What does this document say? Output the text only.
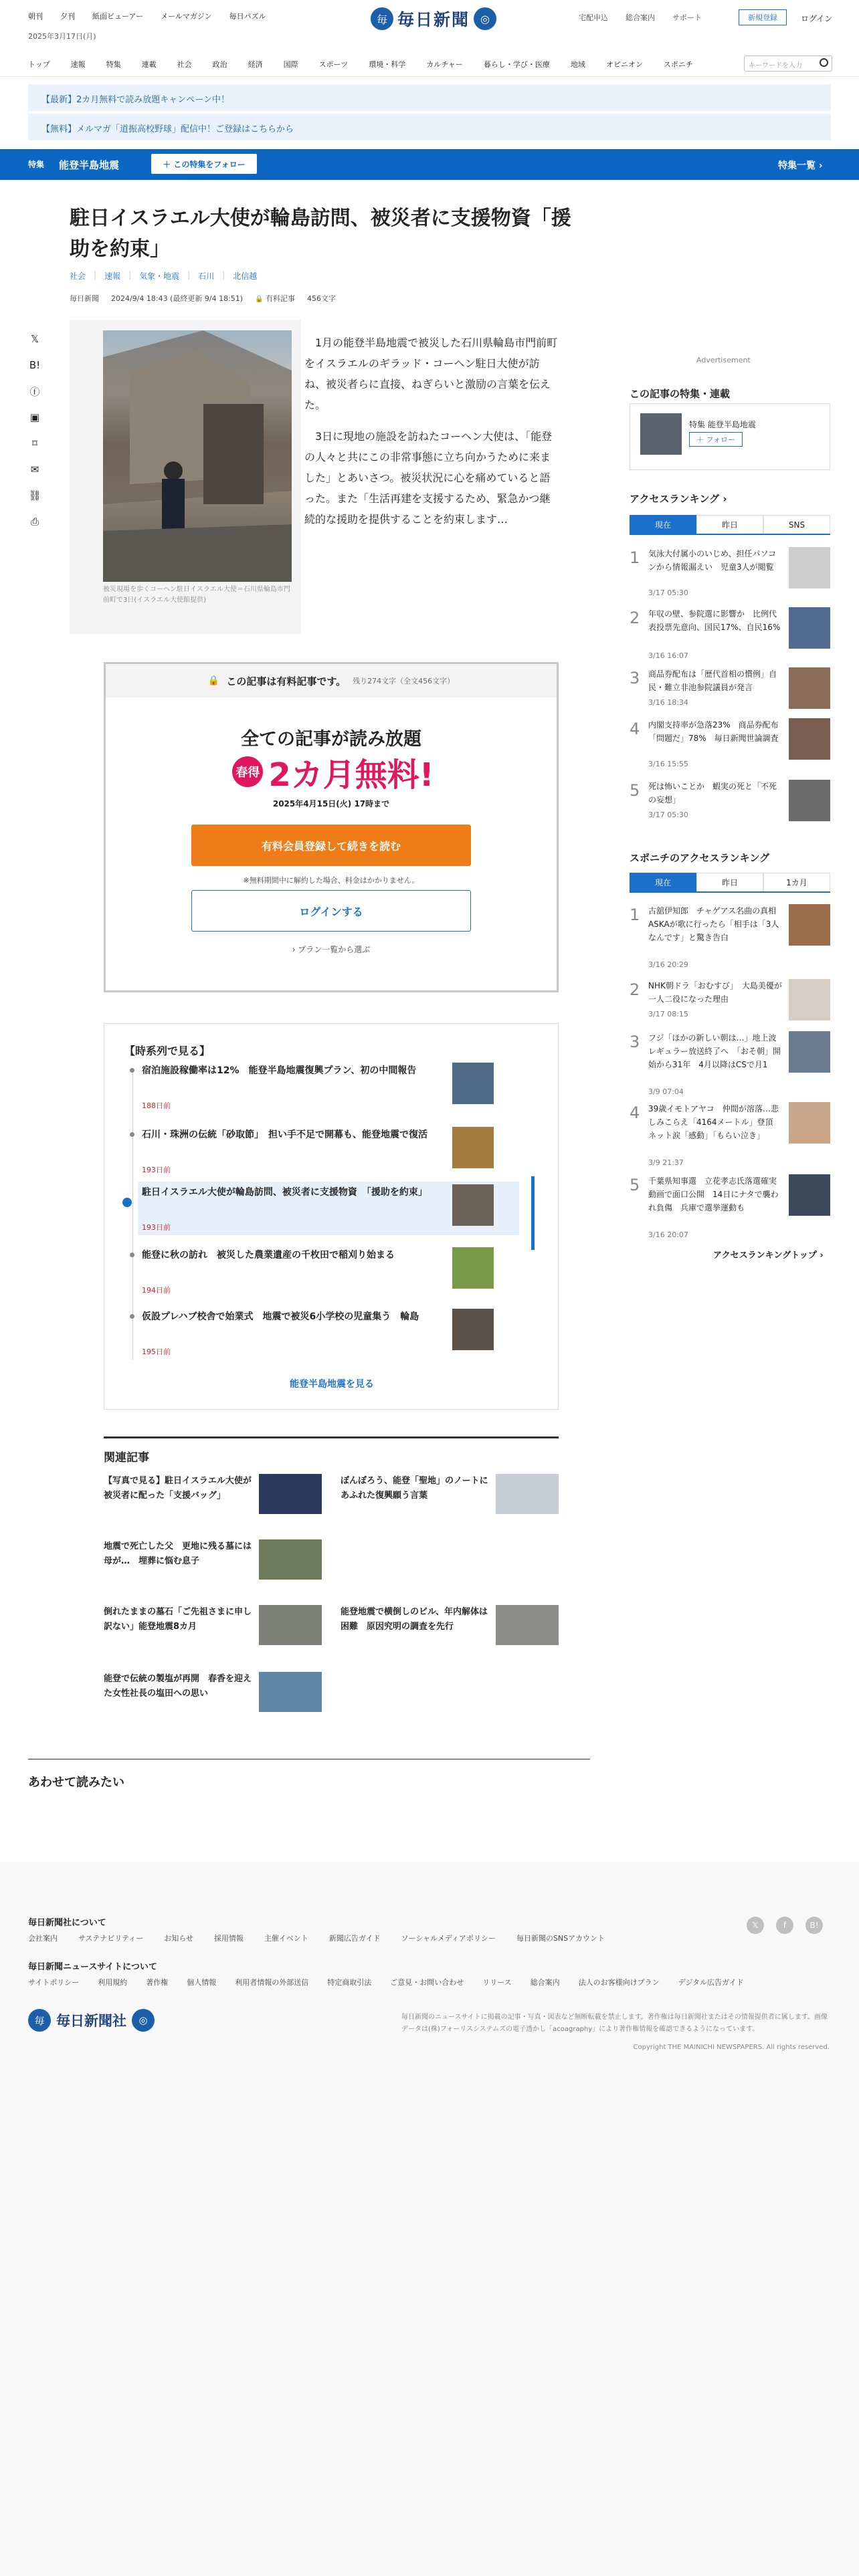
朝刊 夕刊 紙面ビューアー メールマガジン 毎日パズル
2025年3月17日(月)
毎 毎日新聞	◎	宅配申込 総合案内 サポート	新規登録	ログイン
トップ	速報	特集	連載	社会	政治	経済	国際	スポーツ	環境・科学	カルチャー	暮らし・学び・医療	地域	オピニオン	スポニチ	キーワードを入力
【最新】2カ月無料で読み放題キャンペーン中！
【無料】メルマガ「道振高校野球」配信中！ご登録はこちらから
特集 能登半島地震	＋ この特集をフォロー	特集一覧 ›
駐日イスラエル大使が輪島訪問、被災者に支援物資「援助を約束」
社会 | 速報 | 気象・地震 | 石川 | 北信越
毎日新聞 2024/9/4 18:43 (最終更新 9/4 18:51) 🔒 有料記事 456文字
𝕏
B!
ⓕ
▣
⌑
✉
⛓
⎙
被災現場を歩くコーヘン駐日イスラエル大使＝石川県輪島市門前町で3日(イスラエル大使館提供)

1月の能登半島地震で被災した石川県輪島市門前町をイスラエルのギラッド・コーヘン駐日大使が訪ね、被災者らに直接、ねぎらいと激励の言葉を伝えた。

3日に現地の施設を訪ねたコーヘン大使は、「能登の人々と共にこの非常事態に立ち向かうために来ました」とあいさつ。被災状況に心を痛めていると語った。また「生活再建を支援するため、緊急かつ継続的な援助を提供することを約束します…

🔒 この記事は有料記事です。 残り274文字（全文456文字）
全ての記事が読み放題
春得 2カ月無料!
2025年4月15日(火) 17時まで
有料会員登録して続きを読む
※無料期間中に解約した場合、料金はかかりません。
ログインする
› プラン一覧から選ぶ
【時系列で見る】
宿泊施設稼働率は12%　能登半島地震復興プラン、初の中間報告
188日前
石川・珠洲の伝統「砂取節」　担い手不足で開幕も、能登地震で復活
193日前
駐日イスラエル大使が輪島訪問、被災者に支援物資　「援助を約束」
193日前
能登に秋の訪れ　被災した農業遺産の千枚田で稲刈り始まる
194日前
仮設プレハブ校舎で始業式　地震で被災6小学校の児童集う　輪島
195日前
能登半島地震を見る
関連記事
【写真で見る】駐日イスラエル大使が被災者に配った「支援バッグ」
ぼんぼろう、能登「聖地」のノートにあふれた復興願う言葉
地震で死亡した父　更地に残る墓には母が…　埋葬に悩む息子
倒れたままの墓石「ご先祖さまに申し訳ない」能登地震8カ月
能登地震で横倒しのビル、年内解体は困難　原因究明の調査を先行
能登で伝統の製塩が再開　春香を迎えた女性社長の塩田への思い
あわせて読みたい
Advertisement
この記事の特集・連載
特集 能登半島地震
＋ フォロー
アクセスランキング ›
現在	昨日	SNS
1 気泳大付属小のいじめ、担任パソコンから情報漏えい　児童3人が閲覧
3/17 05:30
2 年収の壁、参院選に影響か　比例代表投票先意向、国民17%、自民16%
3/16 16:07
3 商品券配布は「歴代首相の慣例」自民・難立非池参院議員が発言
3/16 18:34
4 内閣支持率が急落23%　商品券配布「問題だ」78%　毎日新聞世論調査
3/16 15:55
5 死は怖いことか　蝦実の死と「不死の妄想」
3/17 05:30
スポニチのアクセスランキング
現在	昨日	1カ月
1 古舘伊知郎　チャゲアス名曲の真相　ASKAが歌に行ったら「相手は「3人なんです」と驚き告白
3/16 20:29
2 NHK朝ドラ「おむすび」　大島美優が一人二役になった理由
3/17 08:15
3 フジ「ほかの新しい朝は…」地上波レギュラー放送終了へ　「おそ朝」開始から31年　4月以降はCSで月1
3/9 07:04
4 39歳イモトアヤコ　仲間が溶落…悲しみこらえ「4164メートル」登頂　ネット涙「感動」「もらい泣き」
3/9 21:37
5 千葉県知事選　立花孝志氏落選確実　動画で面口公開　14日にナタで襲われ負傷　兵庫で選挙運動も
3/16 20:07
アクセスランキングトップ ›
毎日新聞社について
会社案内	サステナビリティー	お知らせ	採用情報	主催イベント	新聞広告ガイド	ソーシャルメディアポリシー	毎日新聞のSNSアカウント
𝕏	f	B!
毎日新聞ニュースサイトについて
サイトポリシー	利用規約	著作権	個人情報	利用者情報の外部送信	特定商取引法	ご意見・お問い合わせ	リリース	総合案内	法人のお客様向けプラン	デジタル広告ガイド
毎 毎日新聞社	◎	毎日新聞のニュースサイトに掲載の記事・写真・図表など無断転載を禁止します。著作権は毎日新聞社またはその情報提供者に属します。画像データは(株)フォーリスシステムズの電子透かし「acoagraphy」により著作権情報を確認できるようになっています。
Copyright THE MAINICHI NEWSPAPERS. All rights reserved.
